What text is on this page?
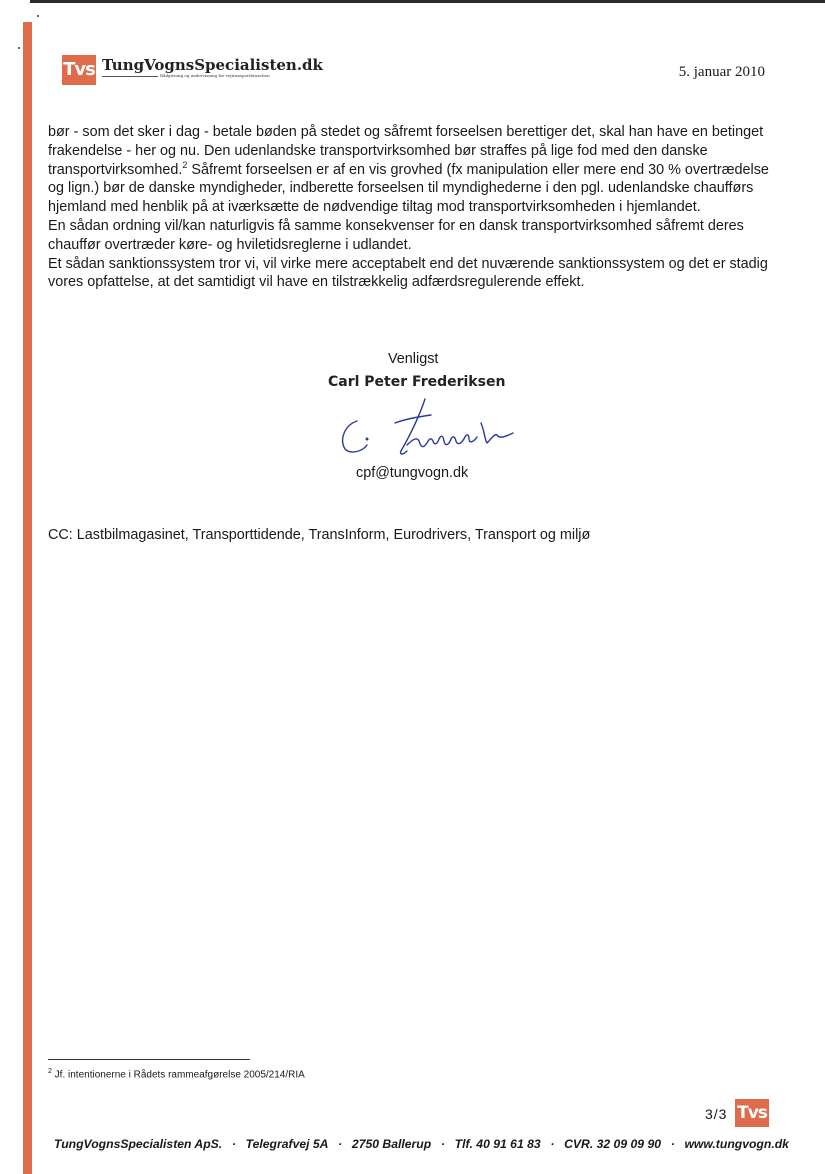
Tvs TungVognsSpecialisten.dk
Rådgivning og undervisning for vejtransportbranchen	5. januar 2010

bør - som det sker i dag - betale bøden på stedet og såfremt forseelsen berettiger det, skal han have en betinget frakendelse - her og nu. Den udenlandske transportvirksomhed bør straffes på lige fod med den danske transportvirksomhed.$^2$ Såfremt forseelsen er af en vis grovhed (fx manipulation eller mere end 30 % overtrædelse og lign.) bør de danske myndigheder, indberette forseelsen til myndighederne i den pgl. udenlandske chaufførs hjemland med henblik på at iværksætte de nødvendige tiltag mod transportvirksomheden i hjemlandet.

En sådan ordning vil/kan naturligvis få samme konsekvenser for en dansk transportvirksomhed såfremt deres chauffør overtræder køre- og hviletidsreglerne i udlandet.

Et sådan sanktionssystem tror vi, vil virke mere acceptabelt end det nuværende sanktionssystem og det er stadig vores opfattelse, at det samtidigt vil have en tilstrækkelig adfærdsregulerende effekt.

Venligst
Carl Peter Frederiksen
cpf@tungvogn.dk
CC: Lastbilmagasinet, Transporttidende, TransInform, Eurodrivers, Transport og miljø
$^2$ Jf. intentionerne i Rådets rammeafgørelse 2005/214/RIA
3/3 Tvs
TungVognsSpecialisten ApS. · Telegrafvej 5A · 2750 Ballerup · Tlf. 40 91 61 83 · CVR. 32 09 09 90 · www.tungvogn.dk
